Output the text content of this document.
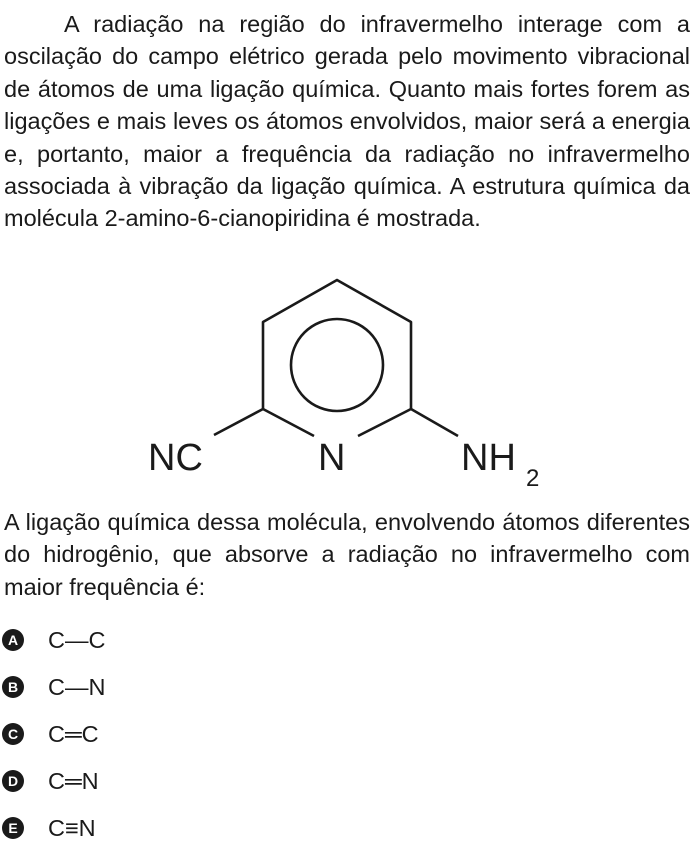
A radiação na região do infravermelho interage com a oscilação do campo elétrico gerada pelo movimento vibracional de átomos de uma ligação química. Quanto mais fortes forem as ligações e mais leves os átomos envolvidos, maior será a energia e, portanto, maior a frequência da radiação no infravermelho associada à vibração da ligação química. A estrutura química da molécula 2-amino-6-cianopiridina é mostrada.

NC	N	NH 2

A ligação química dessa molécula, envolvendo átomos diferentes do hidrogênio, que absorve a radiação no infravermelho com maior frequência é:

A C—C
B C—N
C C═C
D C═N
E C≡N
